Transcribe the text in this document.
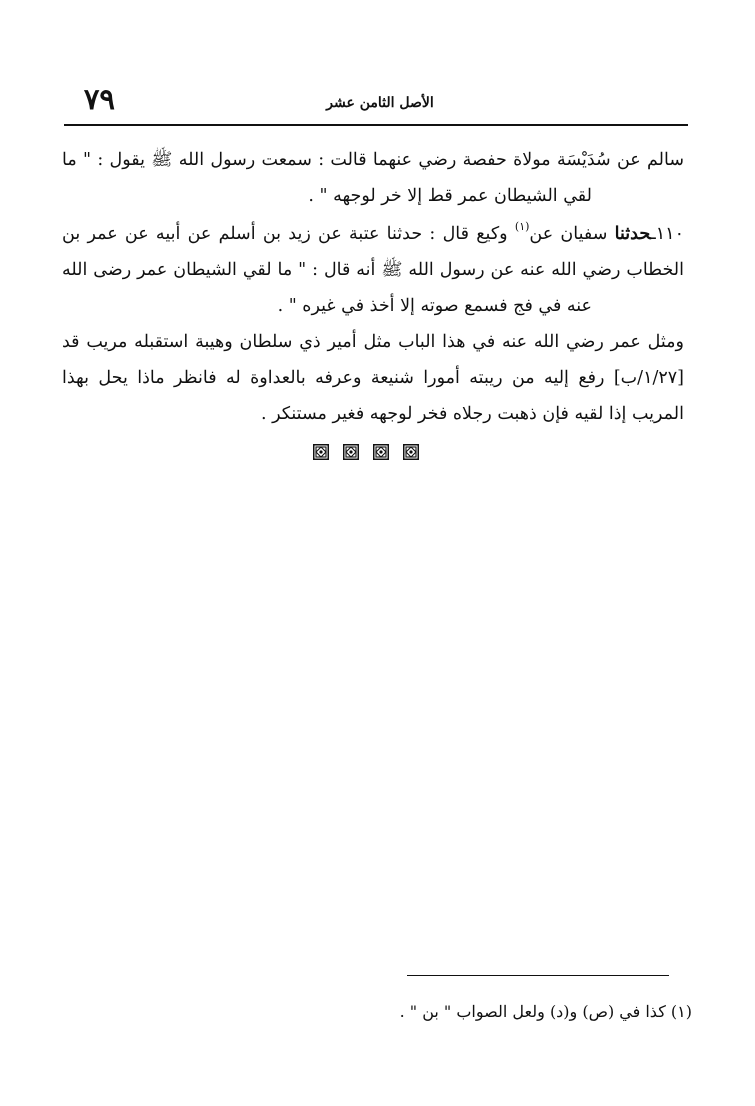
٧٩	الأصل الثامن عشر
سالم عن سُدَيْسَة مولاة حفصة رضي عنهما قالت : سمعت رسول الله ﷺ يقول : " ما
لقي الشيطان عمر قط إلا خر لوجهه " .
١١٠ـحدثنا سفيان عن$^{(١)}$ وكيع قال : حدثنا عتبة عن زيد بن أسلم عن أبيه عن عمر بن
الخطاب رضي الله عنه عن رسول الله ﷺ أنه قال : " ما لقي الشيطان عمر رضى الله
عنه في فج فسمع صوته إلا أخذ في غيره " .
ومثل عمر رضي الله عنه في هذا الباب مثل أمير ذي سلطان وهيبة استقبله مريب قد
[١/٢٧/ب] رفع إليه من ريبته أمورا شنيعة وعرفه بالعداوة له فانظر ماذا يحل بهذا
المريب إذا لقيه فإن ذهبت رجلاه فخر لوجهه فغير مستنكر .
(١) كذا في (ص) و(د) ولعل الصواب " بن " .
